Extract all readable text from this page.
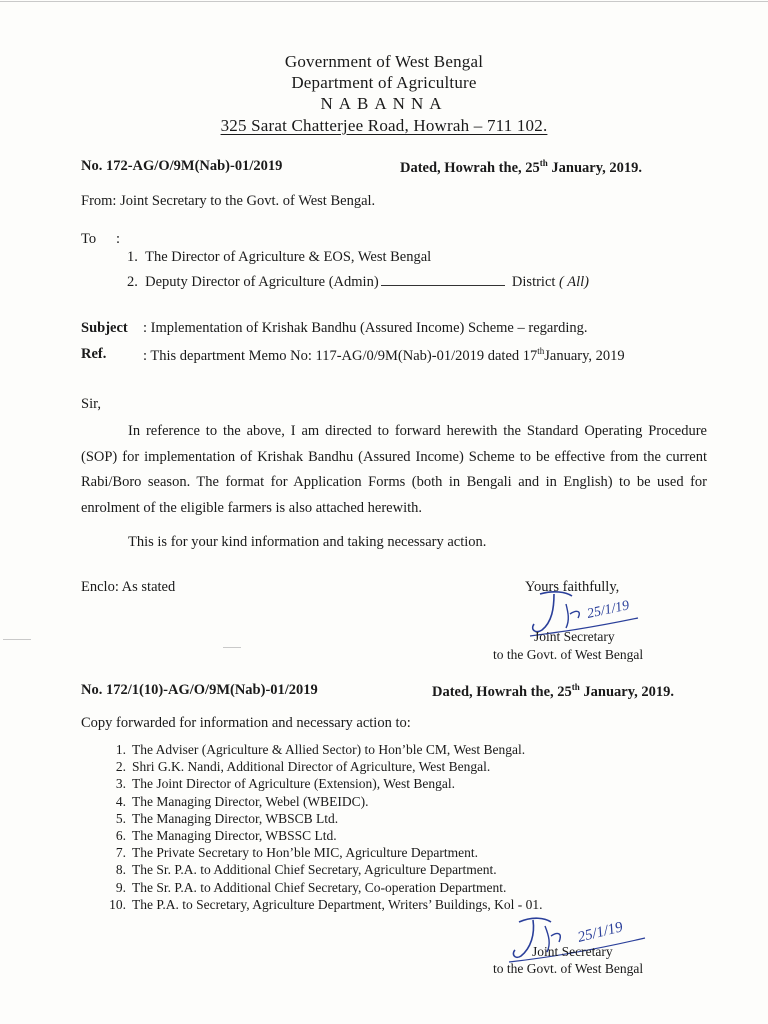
Government of West Bengal
Department of Agriculture
NABANNA
325 Sarat Chatterjee Road, Howrah – 711 102.
No. 172-AG/O/9M(Nab)-01/2019	Dated, Howrah the, 25th January, 2019.
From: Joint Secretary to the Govt. of West Bengal.
To :
1. The Director of Agriculture & EOS, West Bengal
2. Deputy Director of Agriculture (Admin)	District ( All)
Subject : Implementation of Krishak Bandhu (Assured Income) Scheme – regarding.
Ref.	: This department Memo No: 117-AG/0/9M(Nab)-01/2019 dated 17thJanuary, 2019
Sir,
In reference to the above, I am directed to forward herewith the Standard Operating Procedure (SOP) for implementation of Krishak Bandhu (Assured Income) Scheme to be effective from the current Rabi/Boro season. The format for Application Forms (both in Bengali and in English) to be used for enrolment of the eligible farmers is also attached herewith.
This is for your kind information and taking necessary action.
Enclo: As stated	Yours faithfully,
25/1/19
Joint Secretary
to the Govt. of West Bengal
No. 172/1(10)-AG/O/9M(Nab)-01/2019	Dated, Howrah the, 25th January, 2019.
Copy forwarded for information and necessary action to:
1. The Adviser (Agriculture & Allied Sector) to Hon’ble CM, West Bengal.
2. Shri G.K. Nandi, Additional Director of Agriculture, West Bengal.
3. The Joint Director of Agriculture (Extension), West Bengal.
4. The Managing Director, Webel (WBEIDC).
5. The Managing Director, WBSCB Ltd.
6. The Managing Director, WBSSC Ltd.
7. The Private Secretary to Hon’ble MIC, Agriculture Department.
8. The Sr. P.A. to Additional Chief Secretary, Agriculture Department.
9. The Sr. P.A. to Additional Chief Secretary, Co-operation Department.
10. The P.A. to Secretary, Agriculture Department, Writers’ Buildings, Kol - 01.
25/1/19
Joint Secretary
to the Govt. of West Bengal
